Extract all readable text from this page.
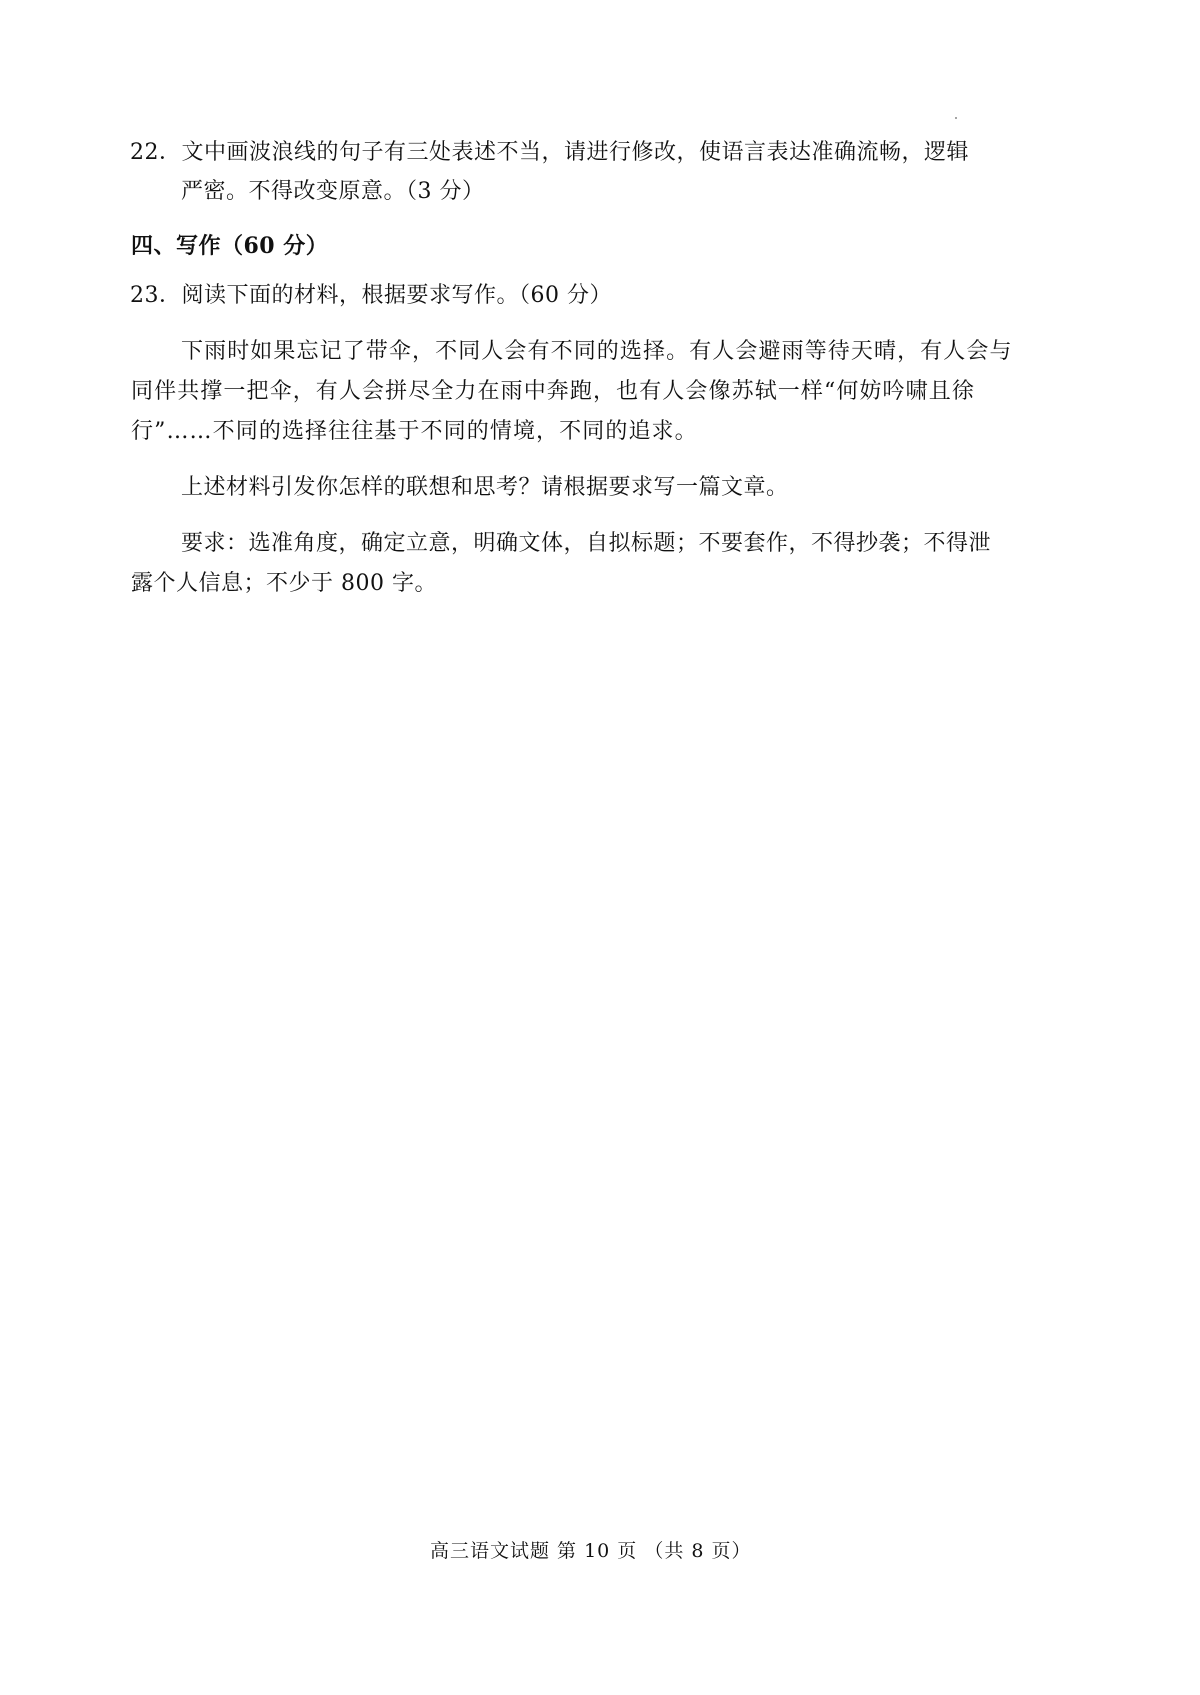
22．文中画波浪线的句子有三处表述不当，请进行修改，使语言表达准确流畅，逻辑
严密。不得改变原意。（3 分）
四、写作（60 分）
23．阅读下面的材料，根据要求写作。（60 分）
下雨时如果忘记了带伞，不同人会有不同的选择。有人会避雨等待天晴，有人会与
同伴共撑一把伞，有人会拼尽全力在雨中奔跑，也有人会像苏轼一样“何妨吟啸且徐
行”……不同的选择往往基于不同的情境，不同的追求。
上述材料引发你怎样的联想和思考？请根据要求写一篇文章。
要求：选准角度，确定立意，明确文体，自拟标题；不要套作，不得抄袭；不得泄
露个人信息；不少于 800 字。
高三语文试题 第 10 页 （共 8 页）
